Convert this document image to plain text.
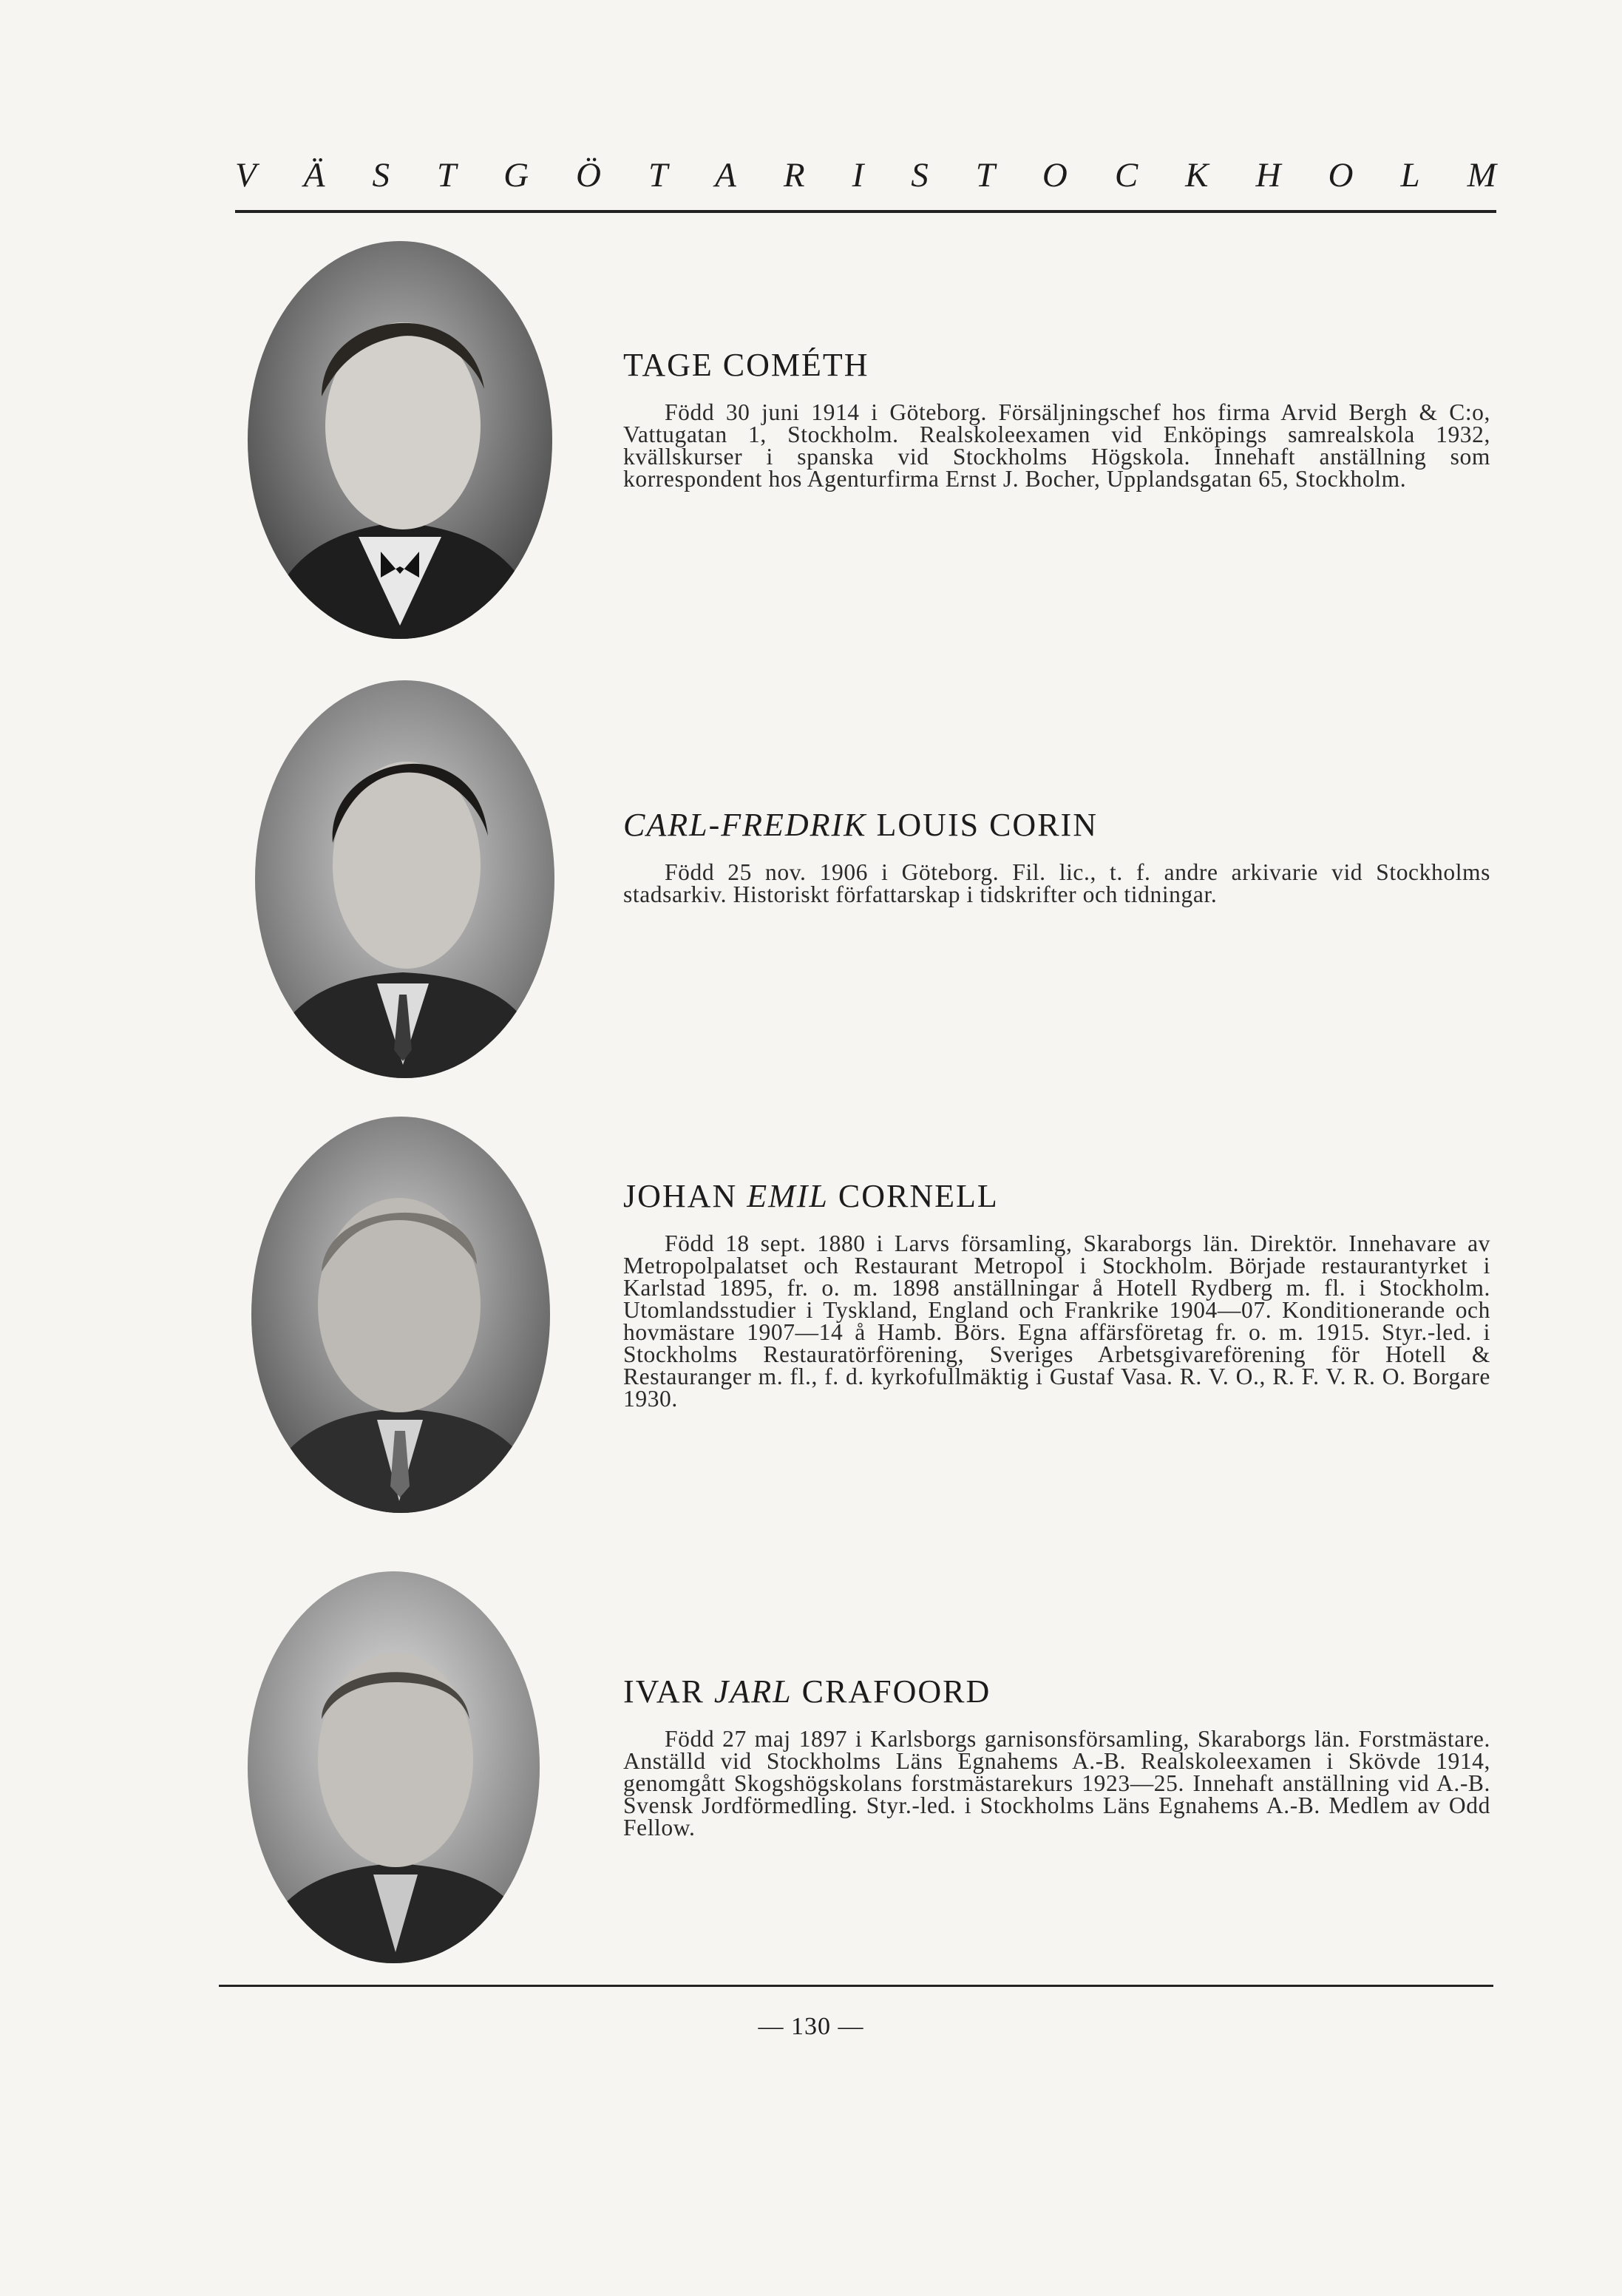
V Ä S T G Ö T A R I S T O C K H O L M
TAGE COMÉTH

Född 30 juni 1914 i Göteborg. Försäljningschef hos firma Arvid Bergh & C:o, Vattugatan 1, Stockholm. Realskoleexamen vid Enköpings samrealskola 1932, kvällskurser i spanska vid Stockholms Högskola. Innehaft anställning som korrespondent hos Agenturfirma Ernst J. Bocher, Upplandsgatan 65, Stockholm.

CARL-FREDRIK LOUIS CORIN

Född 25 nov. 1906 i Göteborg. Fil. lic., t. f. andre arkivarie vid Stockholms stadsarkiv. Historiskt författarskap i tidskrifter och tidningar.

JOHAN EMIL CORNELL

Född 18 sept. 1880 i Larvs församling, Skaraborgs län. Direktör. Innehavare av Metropolpalatset och Restaurant Metropol i Stockholm. Började restaurantyrket i Karlstad 1895, fr. o. m. 1898 anställningar å Hotell Rydberg m. fl. i Stockholm. Utomlandsstudier i Tyskland, England och Frankrike 1904—07. Konditionerande och hovmästare 1907—14 å Hamb. Börs. Egna affärsföretag fr. o. m. 1915. Styr.-led. i Stockholms Restauratörförening, Sveriges Arbetsgivareförening för Hotell & Restauranger m. fl., f. d. kyrkofullmäktig i Gustaf Vasa. R. V. O., R. F. V. R. O. Borgare 1930.

IVAR JARL CRAFOORD

Född 27 maj 1897 i Karlsborgs garnisonsförsamling, Skaraborgs län. Forstmästare. Anställd vid Stockholms Läns Egnahems A.-B. Realskoleexamen i Skövde 1914, genomgått Skogshögskolans forstmästarekurs 1923—25. Innehaft anställning vid A.-B. Svensk Jordförmedling. Styr.-led. i Stockholms Läns Egnahems A.-B. Medlem av Odd Fellow.

— 130 —
